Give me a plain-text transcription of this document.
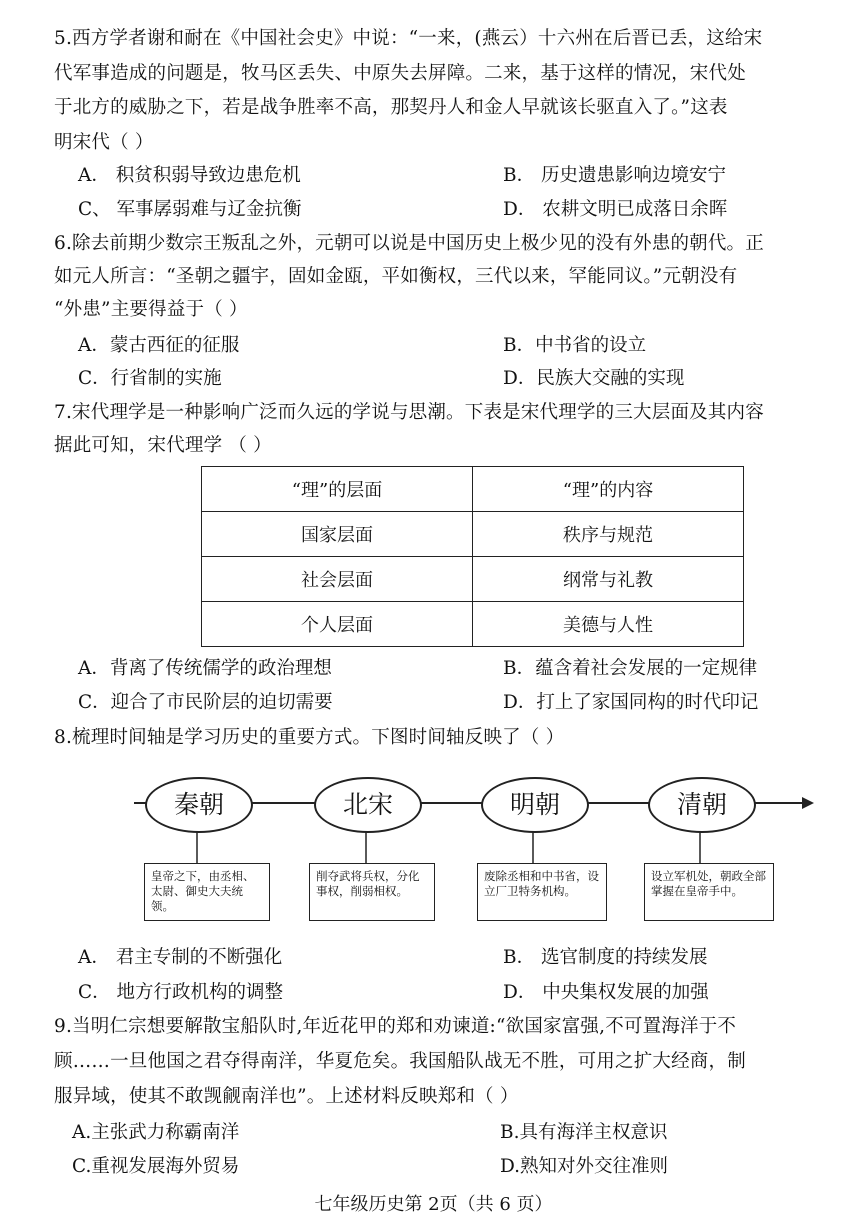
5.西方学者谢和耐在《中国社会史》中说：“一来，(燕云）十六州在后晋已丢，这给宋
代军事造成的问题是，牧马区丢失、中原失去屏障。二来，基于这样的情况，宋代处
于北方的威胁之下，若是战争胜率不高，那契丹人和金人早就该长驱直入了。”这表
明宋代（ ）
A． 积贫积弱导致边患危机	B． 历史遗患影响边境安宁
C、 军事孱弱难与辽金抗衡	D． 农耕文明已成落日余晖
6.除去前期少数宗王叛乱之外，元朝可以说是中国历史上极少见的没有外患的朝代。正
如元人所言：“圣朝之疆宇，固如金瓯，平如衡权，三代以来，罕能同议。”元朝没有
“外患”主要得益于（ ）
A．蒙古西征的征服	B．中书省的设立
C．行省制的实施	D．民族大交融的实现
7.宋代理学是一种影响广泛而久远的学说与思潮。下表是宋代理学的三大层面及其内容
据此可知，宋代理学 （ ）
“理”的层面	“理”的内容
国家层面	秩序与规范
社会层面	纲常与礼教
个人层面	美德与人性
A．背离了传统儒学的政治理想	B．蕴含着社会发展的一定规律
C．迎合了市民阶层的迫切需要	D．打上了家国同构的时代印记
8.梳理时间轴是学习历史的重要方式。下图时间轴反映了（ ）
秦朝	北宋	明朝	清朝
皇帝之下，由丞相、太尉、御史大夫统领。
削夺武将兵权，分化事权，削弱相权。
废除丞相和中书省，设立厂卫特务机构。
设立军机处，朝政全部掌握在皇帝手中。
A． 君主专制的不断强化	B． 选官制度的持续发展
C． 地方行政机构的调整	D． 中央集权发展的加强
9.当明仁宗想要解散宝船队时,年近花甲的郑和劝谏道:“欲国家富强,不可置海洋于不
顾……一旦他国之君夺得南洋，华夏危矣。我国船队战无不胜，可用之扩大经商，制
服异域，使其不敢觊觎南洋也”。上述材料反映郑和（ ）
A.主张武力称霸南洋	B.具有海洋主权意识
C.重视发展海外贸易	D.熟知对外交往准则
七年级历史第 2页（共 6 页）
